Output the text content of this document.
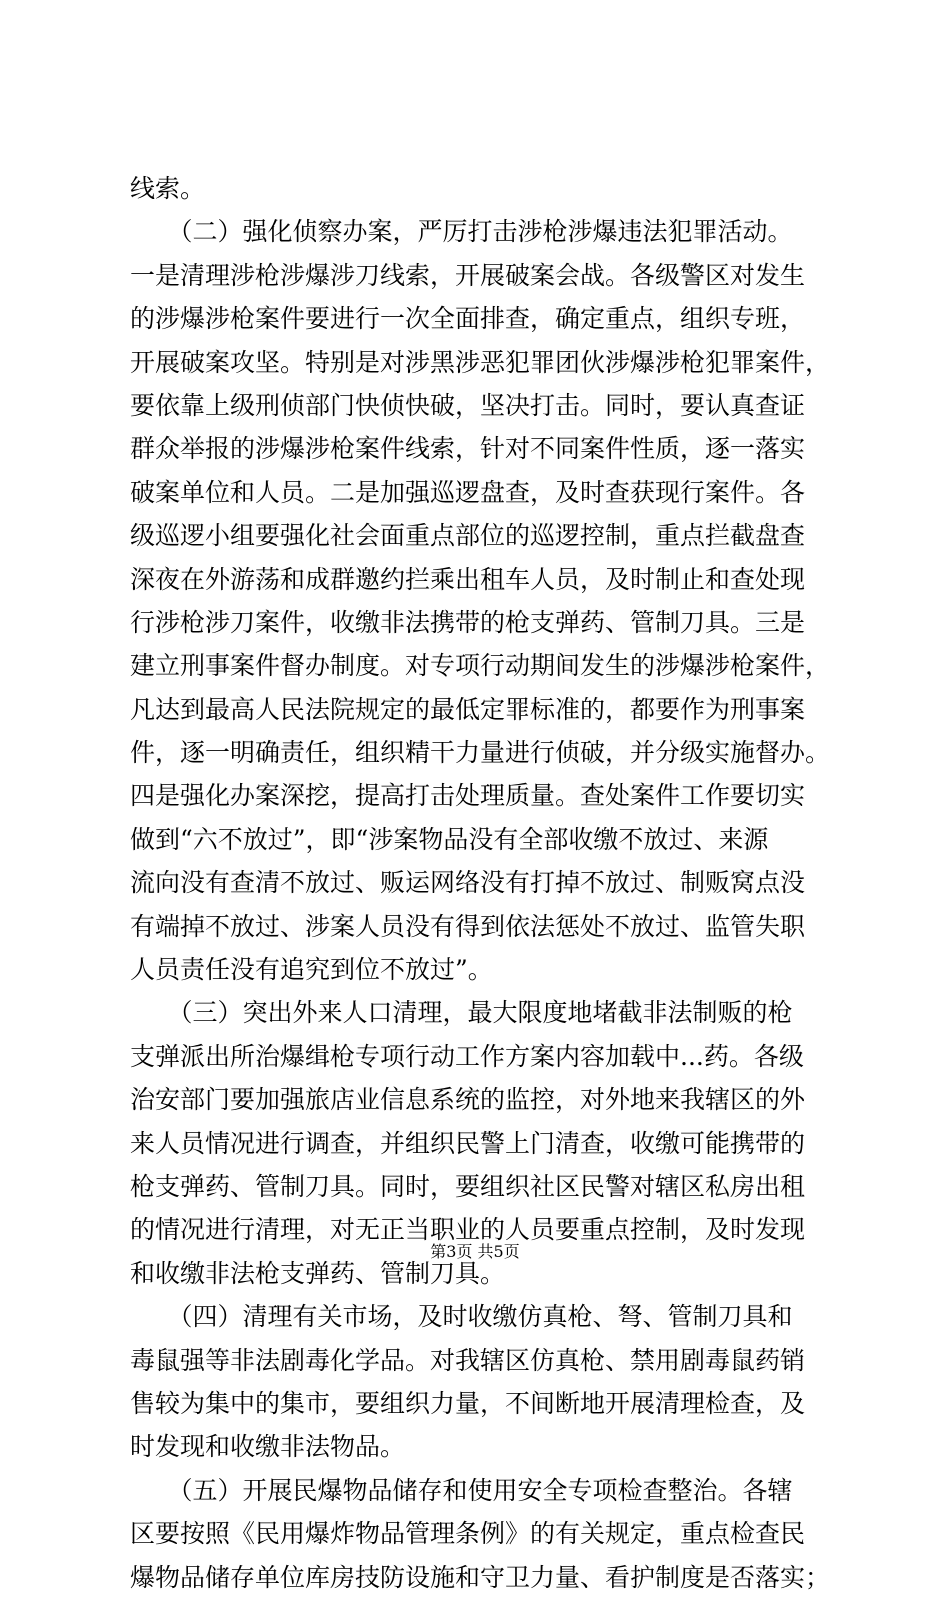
线索。
　　（二）强化侦察办案，严厉打击涉枪涉爆违法犯罪活动。
一是清理涉枪涉爆涉刀线索，开展破案会战。各级警区对发生
的涉爆涉枪案件要进行一次全面排查，确定重点，组织专班，
开展破案攻坚。特别是对涉黑涉恶犯罪团伙涉爆涉枪犯罪案件，
要依靠上级刑侦部门快侦快破，坚决打击。同时，要认真查证
群众举报的涉爆涉枪案件线索，针对不同案件性质，逐一落实
破案单位和人员。二是加强巡逻盘查，及时查获现行案件。各
级巡逻小组要强化社会面重点部位的巡逻控制，重点拦截盘查
深夜在外游荡和成群邀约拦乘出租车人员，及时制止和查处现
行涉枪涉刀案件，收缴非法携带的枪支弹药、管制刀具。三是
建立刑事案件督办制度。对专项行动期间发生的涉爆涉枪案件，
凡达到最高人民法院规定的最低定罪标准的，都要作为刑事案
件，逐一明确责任，组织精干力量进行侦破，并分级实施督办。
四是强化办案深挖，提高打击处理质量。查处案件工作要切实
做到“六不放过”，即“涉案物品没有全部收缴不放过、来源
流向没有查清不放过、贩运网络没有打掉不放过、制贩窝点没
有端掉不放过、涉案人员没有得到依法惩处不放过、监管失职
人员责任没有追究到位不放过”。
　　（三）突出外来人口清理，最大限度地堵截非法制贩的枪
支弹派出所治爆缉枪专项行动工作方案内容加载中...药。各级
治安部门要加强旅店业信息系统的监控，对外地来我辖区的外
来人员情况进行调查，并组织民警上门清查，收缴可能携带的
枪支弹药、管制刀具。同时，要组织社区民警对辖区私房出租
的情况进行清理，对无正当职业的人员要重点控制，及时发现
和收缴非法枪支弹药、管制刀具。
　　（四）清理有关市场，及时收缴仿真枪、弩、管制刀具和
毒鼠强等非法剧毒化学品。对我辖区仿真枪、禁用剧毒鼠药销
售较为集中的集市，要组织力量，不间断地开展清理检查，及
时发现和收缴非法物品。
　　（五）开展民爆物品储存和使用安全专项检查整治。各辖
区要按照《民用爆炸物品管理条例》的有关规定，重点检查民
爆物品储存单位库房技防设施和守卫力量、看护制度是否落实；
第3页 共5页
